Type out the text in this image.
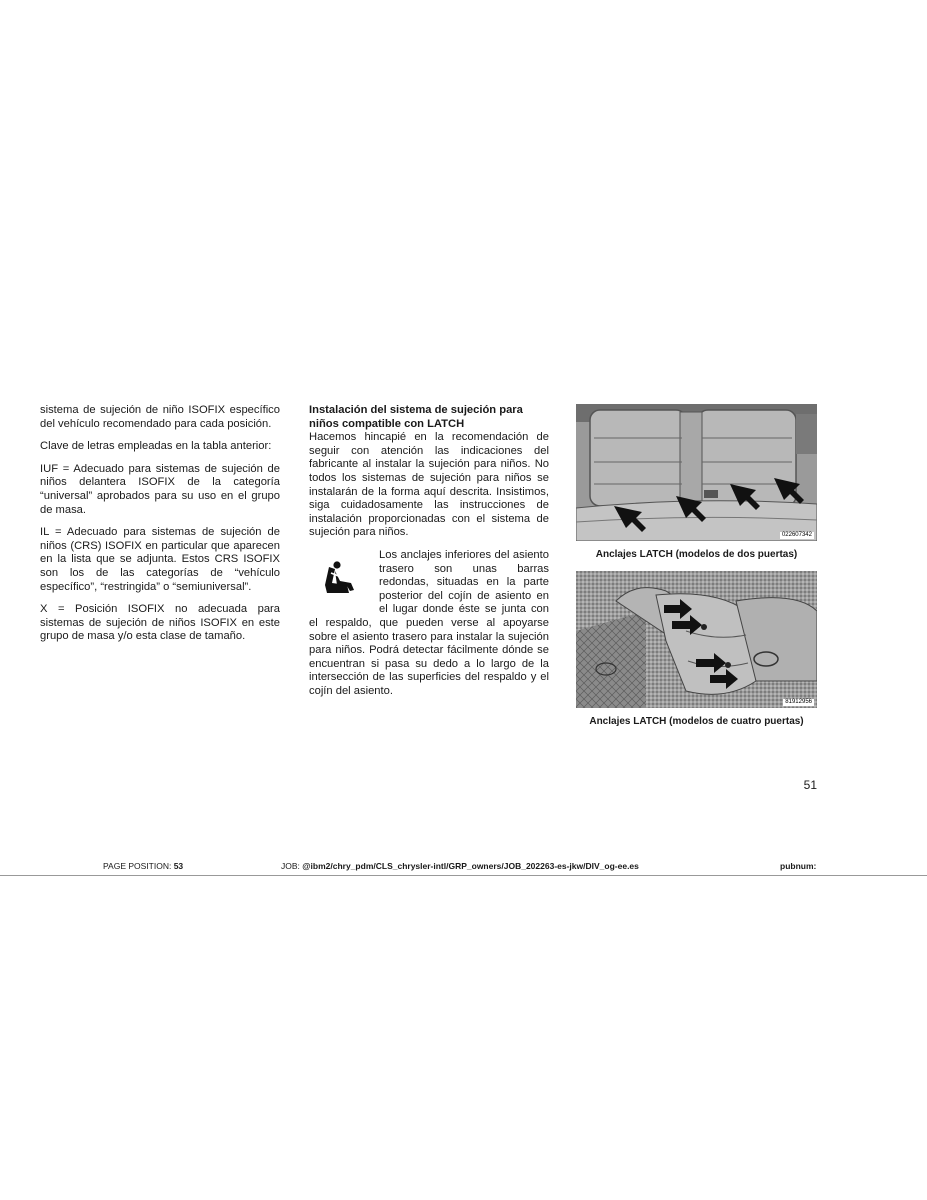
sistema de sujeción de niño ISOFIX específico del vehículo recomendado para cada posición.

Clave de letras empleadas en la tabla anterior:

IUF = Adecuado para sistemas de sujeción de niños delantera ISOFIX de la categoría “universal” aprobados para su uso en el grupo de masa.

IL = Adecuado para sistemas de sujeción de niños (CRS) ISOFIX en particular que aparecen en la lista que se adjunta. Estos CRS ISOFIX son los de las categorías de “vehículo específico”, “restringida” o “semiuniversal”.

X = Posición ISOFIX no adecuada para sistemas de sujeción de niños ISOFIX en este grupo de masa y/o esta clase de tamaño.

Instalación del sistema de sujeción para niños compatible con LATCH
Hacemos hincapié en la recomendación de seguir con atención las indicaciones del fabricante al instalar la sujeción para niños. No todos los sistemas de sujeción para niños se instalarán de la forma aquí descrita. Insistimos, siga cuidadosamente las instrucciones de instalación proporcionadas con el sistema de sujeción para niños.
Los anclajes inferiores del asiento trasero son unas barras redondas, situadas en la parte posterior del cojín de asiento en el lugar donde éste se junta con el respaldo, que pueden verse al apoyarse sobre el asiento trasero para instalar la sujeción para niños. Podrá detectar fácilmente dónde se encuentran si pasa su dedo a lo largo de la intersección de las superficies del respaldo y el cojín del asiento.
022607342
Anclajes LATCH (modelos de dos puertas)
81912956
Anclajes LATCH (modelos de cuatro puertas)
51
PAGE POSITION: 53	JOB: @ibm2/chry_pdm/CLS_chrysler-intl/GRP_owners/JOB_202263-es-jkw/DIV_og-ee.es	pubnum:
